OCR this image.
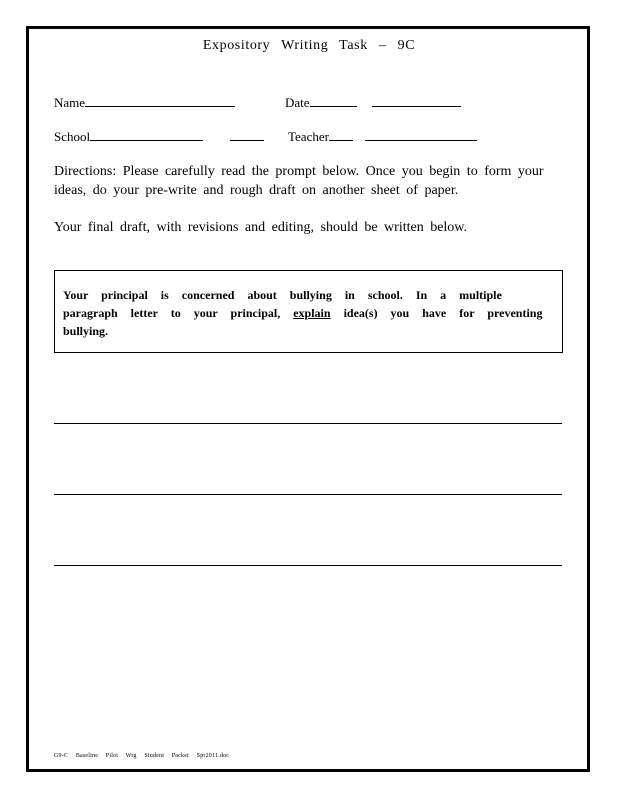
Expository Writing Task – 9C
Name	Date
School	Teacher
Directions: Please carefully read the prompt below. Once you begin to form your ideas, do your pre-write and rough draft on another sheet of paper.
Your final draft, with revisions and editing, should be written below.
Your principal is concerned about bullying in school. In a multiple paragraph letter to your principal, explain idea(s) you have for preventing bullying.
G9-C Baseline Pilot Wrg Student Packet Spr2011.doc
